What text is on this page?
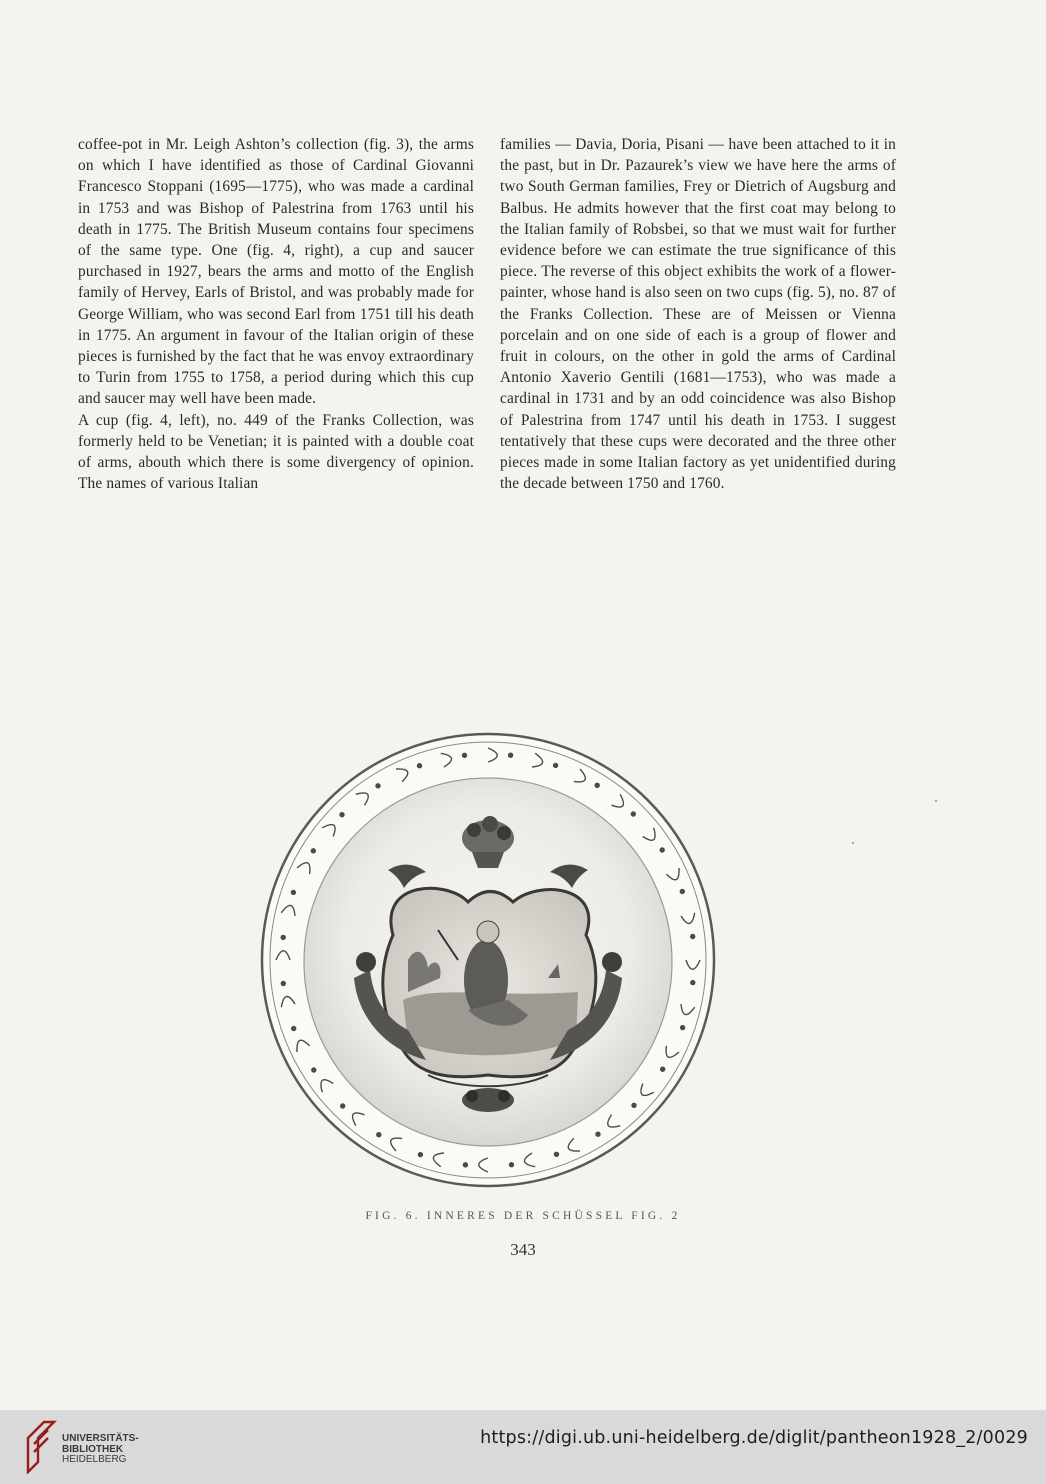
coffee-pot in Mr. Leigh Ashton’s collection (fig. 3), the arms on which I have identified as those of Cardinal Giovanni Francesco Stoppani (1695—1775), who was made a cardinal in 1753 and was Bishop of Palestrina from 1763 until his death in 1775. The British Museum contains four specimens of the same type. One (fig. 4, right), a cup and saucer purchased in 1927, bears the arms and motto of the English family of Hervey, Earls of Bristol, and was probably made for George William, who was second Earl from 1751 till his death in 1775. An argument in favour of the Italian origin of these pieces is furnished by the fact that he was envoy extraordinary to Turin from 1755 to 1758, a period during which this cup and saucer may well have been made.

A cup (fig. 4, left), no. 449 of the Franks Collection, was formerly held to be Venetian; it is painted with a double coat of arms, abouth which there is some divergency of opinion. The names of various Italian

families — Davia, Doria, Pisani — have been attached to it in the past, but in Dr. Pazaurek’s view we have here the arms of two South German families, Frey or Dietrich of Augsburg and Balbus. He admits however that the first coat may belong to the Italian family of Robsbei, so that we must wait for further evidence before we can estimate the true significance of this piece. The reverse of this object exhibits the work of a flower-painter, whose hand is also seen on two cups (fig. 5), no. 87 of the Franks Collection. These are of Meissen or Vienna porcelain and on one side of each is a group of flower and fruit in colours, on the other in gold the arms of Cardinal Antonio Xaverio Gentili (1681—1753), who was made a cardinal in 1731 and by an odd coincidence was also Bishop of Palestrina from 1747 until his death in 1753. I suggest tentatively that these cups were decorated and the three other pieces made in some Italian factory as yet unidentified during the decade between 1750 and 1760.

FIG. 6. INNERES DER SCHÜSSEL FIG. 2
343
UNIVERSITÄTS-
BIBLIOTHEK
HEIDELBERG
https://digi.ub.uni-heidelberg.de/diglit/pantheon1928_2/0029
